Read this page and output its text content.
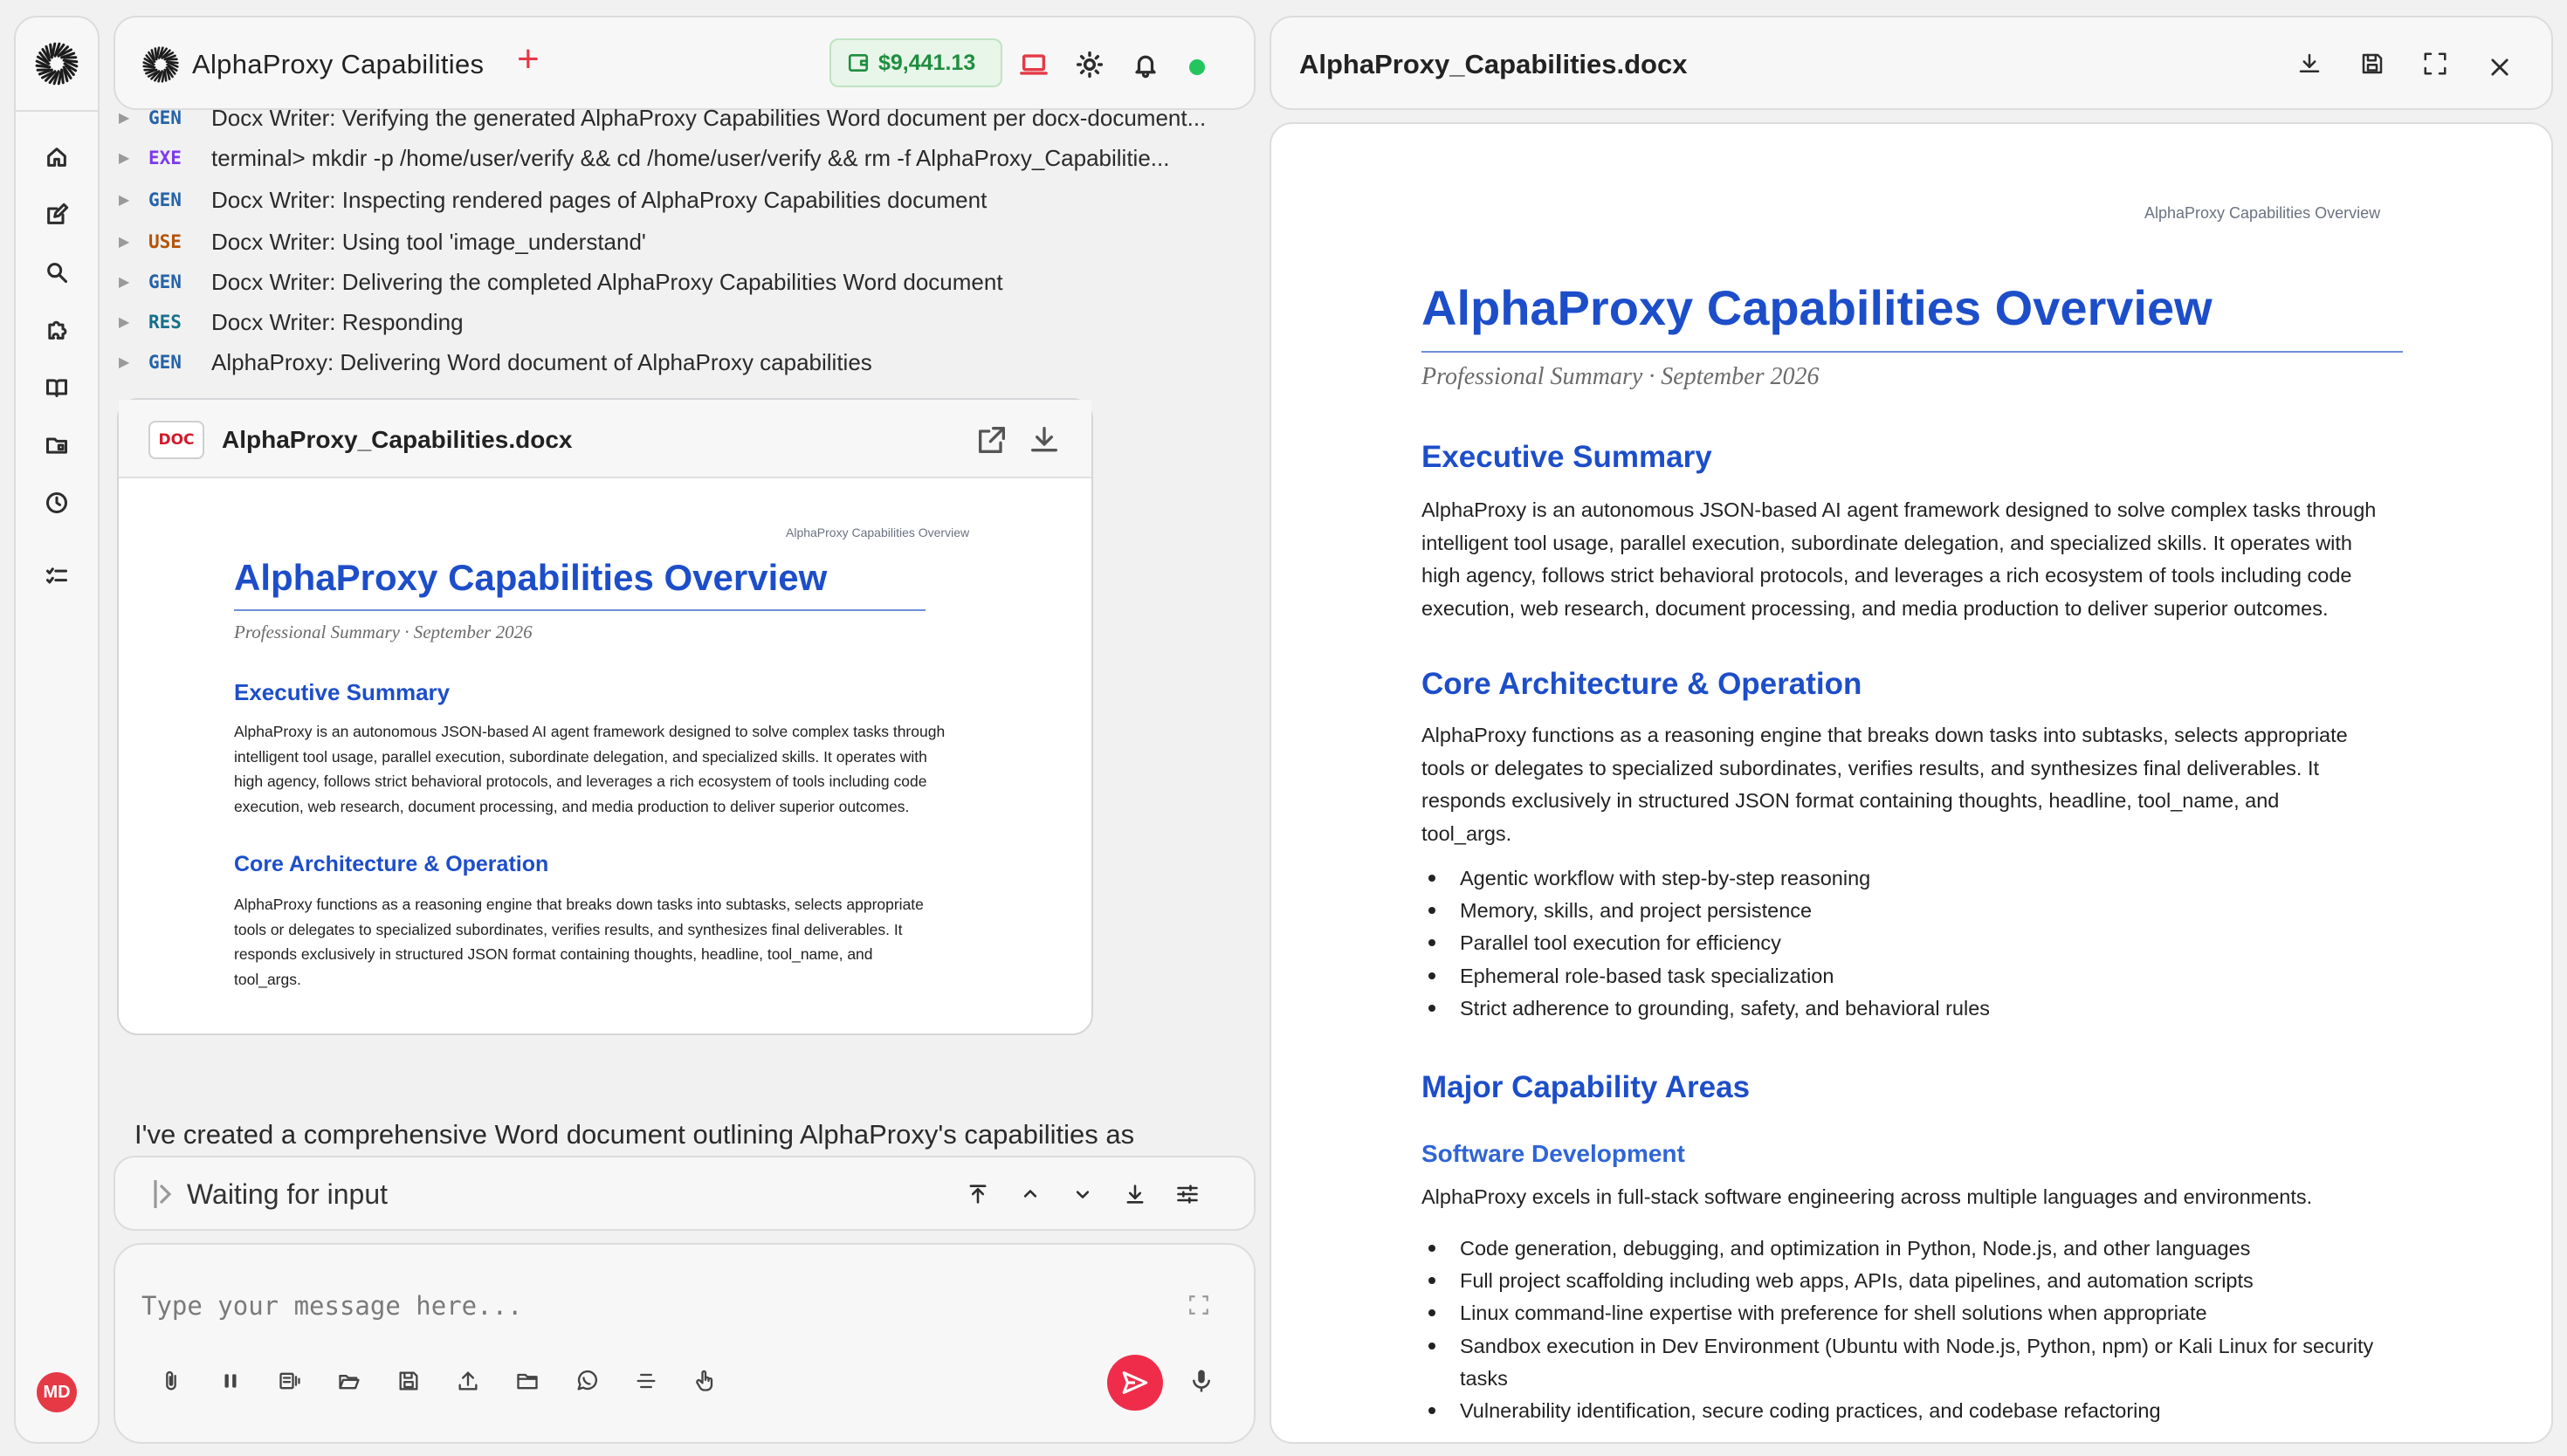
MD
AlphaProxy Capabilities +	$9,441.13
▶	GEN	Docx Writer: Verifying the generated AlphaProxy Capabilities Word document per docx-document...
▶	EXE	terminal> mkdir -p /home/user/verify && cd /home/user/verify && rm -f AlphaProxy_Capabilitie...
▶	GEN	Docx Writer: Inspecting rendered pages of AlphaProxy Capabilities document
▶	USE	Docx Writer: Using tool 'image_understand'
▶	GEN	Docx Writer: Delivering the completed AlphaProxy Capabilities Word document
▶	RES	Docx Writer: Responding
▶	GEN	AlphaProxy: Delivering Word document of AlphaProxy capabilities
DOC	AlphaProxy_Capabilities.docx
AlphaProxy Capabilities Overview
AlphaProxy Capabilities Overview
Professional Summary · September 2026
Executive Summary
AlphaProxy is an autonomous JSON-based AI agent framework designed to solve complex tasks through
intelligent tool usage, parallel execution, subordinate delegation, and specialized skills. It operates with
high agency, follows strict behavioral protocols, and leverages a rich ecosystem of tools including code
execution, web research, document processing, and media production to deliver superior outcomes.
Core Architecture & Operation
AlphaProxy functions as a reasoning engine that breaks down tasks into subtasks, selects appropriate
tools or delegates to specialized subordinates, verifies results, and synthesizes final deliverables. It
responds exclusively in structured JSON format containing thoughts, headline, tool_name, and
tool_args.
I've created a comprehensive Word document outlining AlphaProxy's capabilities as
Waiting for input
Type your message here...
AlphaProxy_Capabilities.docx
AlphaProxy Capabilities Overview
AlphaProxy Capabilities Overview
Professional Summary · September 2026
Executive Summary
AlphaProxy is an autonomous JSON-based AI agent framework designed to solve complex tasks through
intelligent tool usage, parallel execution, subordinate delegation, and specialized skills. It operates with
high agency, follows strict behavioral protocols, and leverages a rich ecosystem of tools including code
execution, web research, document processing, and media production to deliver superior outcomes.
Core Architecture & Operation
AlphaProxy functions as a reasoning engine that breaks down tasks into subtasks, selects appropriate
tools or delegates to specialized subordinates, verifies results, and synthesizes final deliverables. It
responds exclusively in structured JSON format containing thoughts, headline, tool_name, and
tool_args.
Agentic workflow with step-by-step reasoning
Memory, skills, and project persistence
Parallel tool execution for efficiency
Ephemeral role-based task specialization
Strict adherence to grounding, safety, and behavioral rules
Major Capability Areas
Software Development
AlphaProxy excels in full-stack software engineering across multiple languages and environments.
Code generation, debugging, and optimization in Python, Node.js, and other languages
Full project scaffolding including web apps, APIs, data pipelines, and automation scripts
Linux command-line expertise with preference for shell solutions when appropriate
Sandbox execution in Dev Environment (Ubuntu with Node.js, Python, npm) or Kali Linux for security
tasks
Vulnerability identification, secure coding practices, and codebase refactoring
